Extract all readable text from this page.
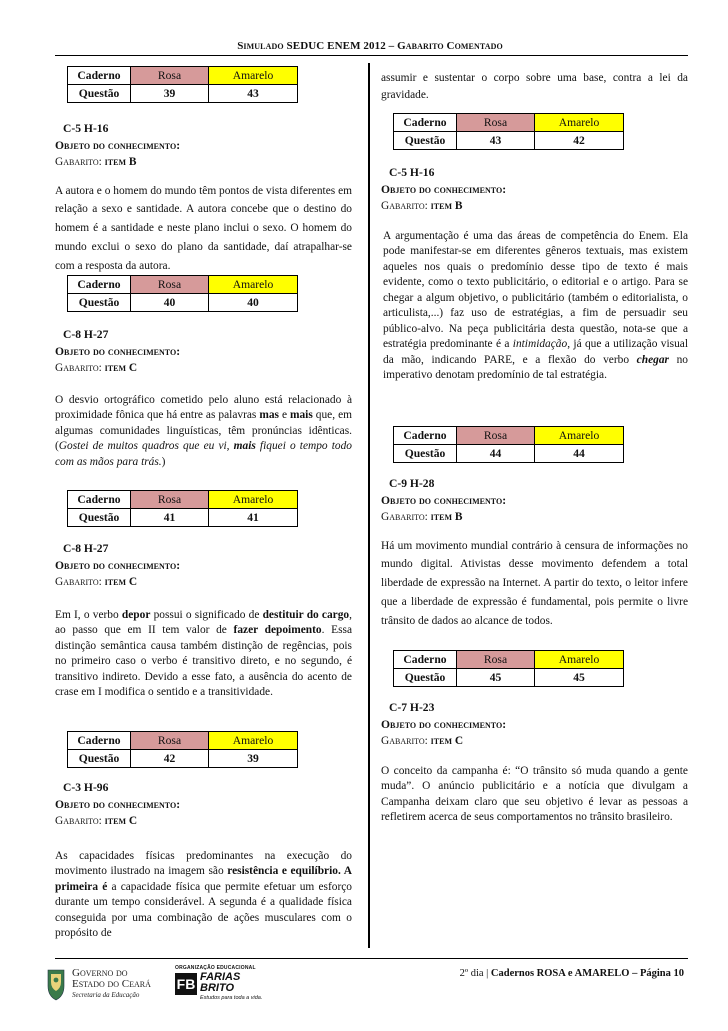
Simulado SEDUC ENEM 2012 – Gabarito Comentado
Caderno	Rosa	Amarelo
Questão	39	43
C-5 H-16
Objeto do conhecimento:
Gabarito: item B

A autora e o homem do mundo têm pontos de vista diferentes em relação a sexo e santidade. A autora concebe que o destino do homem é a santidade e neste plano inclui o sexo. O homem do mundo exclui o sexo do plano da santidade, daí atrapalhar-se com a resposta da autora.

Caderno	Rosa	Amarelo
Questão	40	40
C-8 H-27
Objeto do conhecimento:
Gabarito: item C

O desvio ortográfico cometido pelo aluno está relacionado à proximidade fônica que há entre as palavras mas e mais que, em algumas comunidades linguísticas, têm pronúncias idênticas. (Gostei de muitos quadros que eu vi, mais fiquei o tempo todo com as mãos para trás.)

Caderno	Rosa	Amarelo
Questão	41	41
C-8 H-27
Objeto do conhecimento:
Gabarito: item C

Em I, o verbo depor possui o significado de destituir do cargo, ao passo que em II tem valor de fazer depoimento. Essa distinção semântica causa também distinção de regências, pois no primeiro caso o verbo é transitivo direto, e no segundo, é transitivo indireto. Devido a esse fato, a ausência do acento de crase em I modifica o sentido e a transitividade.

Caderno	Rosa	Amarelo
Questão	42	39
C-3 H-96
Objeto do conhecimento:
Gabarito: item C

As capacidades físicas predominantes na execução do movimento ilustrado na imagem são resistência e equilíbrio. A primeira é a capacidade física que permite efetuar um esforço durante um tempo considerável. A segunda é a qualidade física conseguida por uma combinação de ações musculares com o propósito de

assumir e sustentar o corpo sobre uma base, contra a lei da gravidade.

Caderno	Rosa	Amarelo
Questão	43	42
C-5 H-16
Objeto do conhecimento:
Gabarito: item B

A argumentação é uma das áreas de competência do Enem. Ela pode manifestar-se em diferentes gêneros textuais, mas existem aqueles nos quais o predomínio desse tipo de texto é mais evidente, como o texto publicitário, o editorial e o artigo. Para se chegar a algum objetivo, o publicitário (também o editorialista, o articulista,...) faz uso de estratégias, a fim de persuadir seu público-alvo. Na peça publicitária desta questão, nota-se que a estratégia predominante é a intimidação, já que a utilização visual da mão, indicando PARE, e a flexão do verbo chegar no imperativo denotam predomínio de tal estratégia.

Caderno	Rosa	Amarelo
Questão	44	44
C-9 H-28
Objeto do conhecimento:
Gabarito: item B

Há um movimento mundial contrário à censura de informações no mundo digital. Ativistas desse movimento defendem a total liberdade de expressão na Internet. A partir do texto, o leitor infere que a liberdade de expressão é fundamental, pois permite o livre trânsito de dados ao alcance de todos.

Caderno	Rosa	Amarelo
Questão	45	45
C-7 H-23
Objeto do conhecimento:
Gabarito: item C

O conceito da campanha é: “O trânsito só muda quando a gente muda”. O anúncio publicitário e a notícia que divulgam a Campanha deixam claro que seu objetivo é levar as pessoas a refletirem acerca de seus comportamentos no trânsito brasileiro.

Governo do
Estado do Ceará
Secretaria da Educação
ORGANIZAÇÃO EDUCACIONAL
FB FARIAS
BRITO
Estudos para toda a vida.
2º dia | Cadernos ROSA e AMARELO – Página 10
